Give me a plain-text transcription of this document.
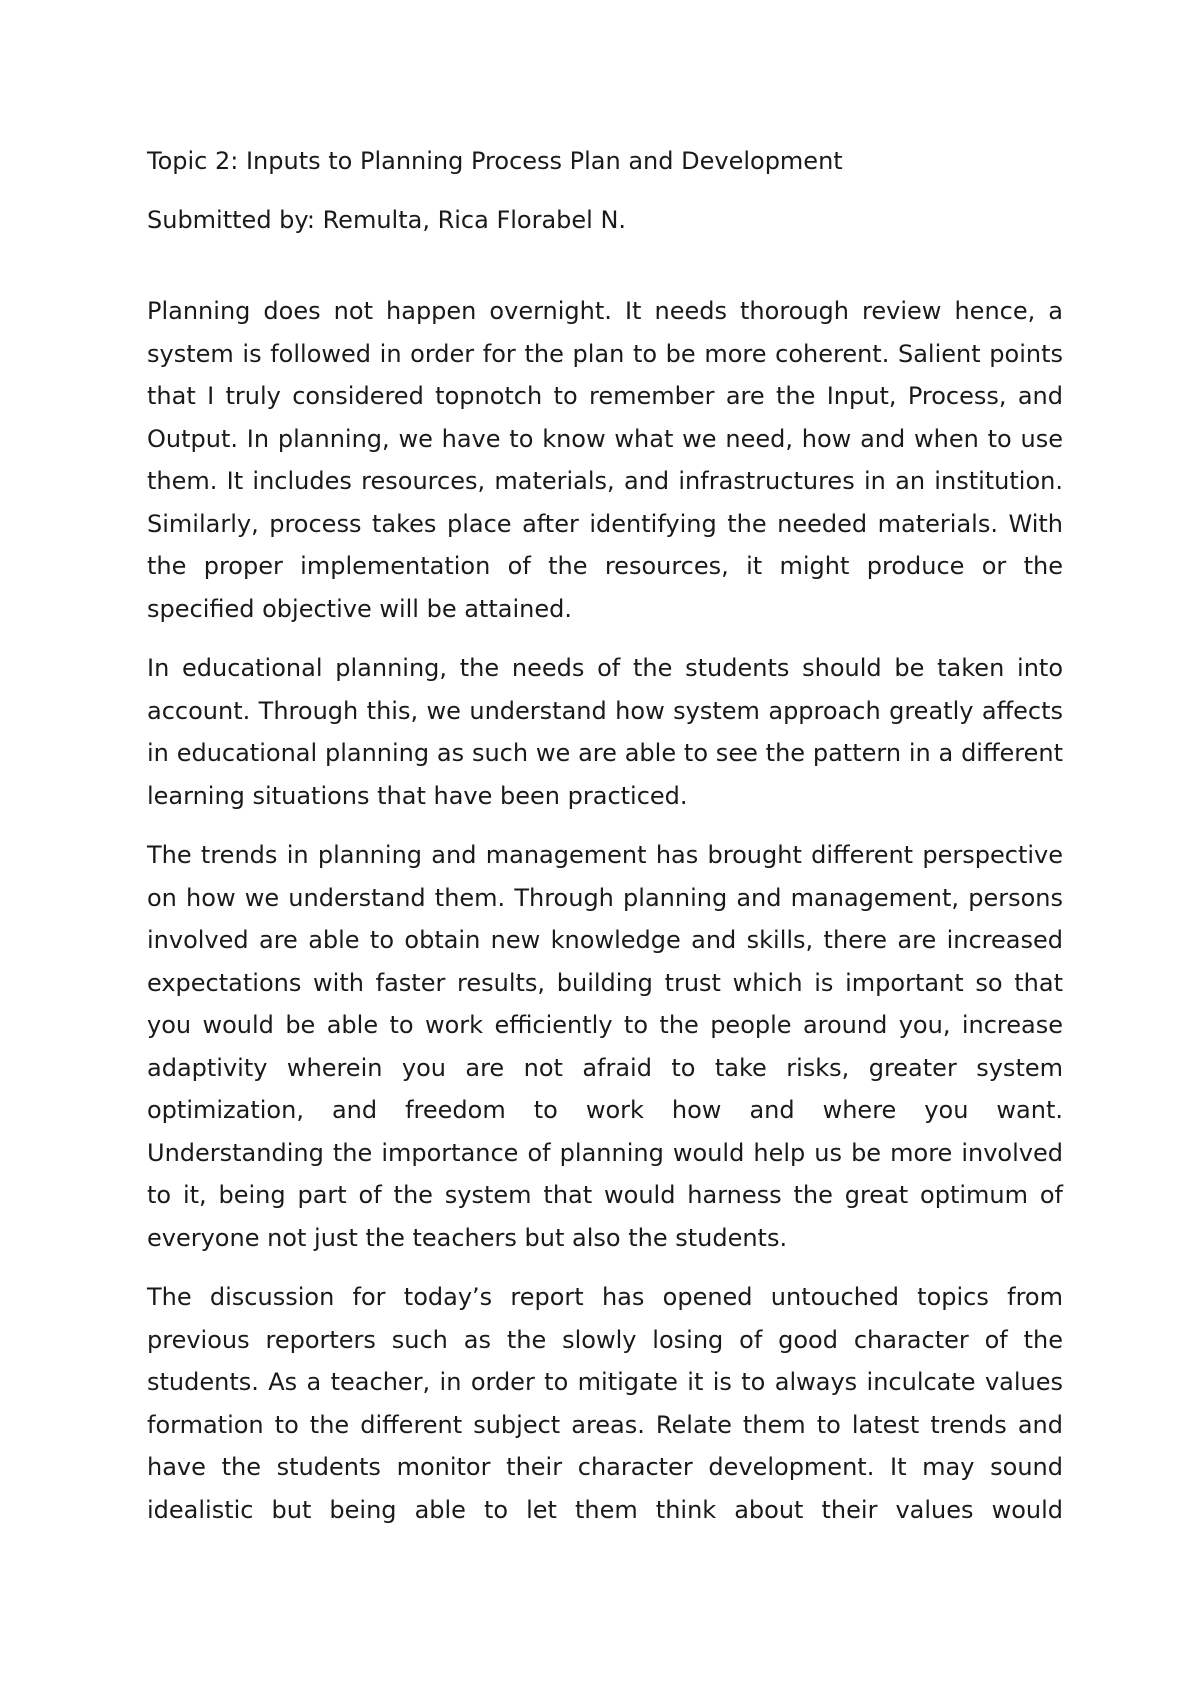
Topic 2: Inputs to Planning Process Plan and Development

Submitted by: Remulta, Rica Florabel N.

Planning does not happen overnight. It needs thorough review hence, a system is followed in order for the plan to be more coherent. Salient points that I truly considered topnotch to remember are the Input, Process, and Output. In planning, we have to know what we need, how and when to use them. It includes resources, materials, and infrastructures in an institution. Similarly, process takes place after identifying the needed materials. With the proper implementation of the resources, it might produce or the specified objective will be attained.

In educational planning, the needs of the students should be taken into account. Through this, we understand how system approach greatly affects in educational planning as such we are able to see the pattern in a different learning situations that have been practiced.

The trends in planning and management has brought different perspective on how we understand them. Through planning and management, persons involved are able to obtain new knowledge and skills, there are increased expectations with faster results, building trust which is important so that you would be able to work efficiently to the people around you, increase adaptivity wherein you are not afraid to take risks, greater system optimization, and freedom to work how and where you want. Understanding the importance of planning would help us be more involved to it, being part of the system that would harness the great optimum of everyone not just the teachers but also the students.

The discussion for today’s report has opened untouched topics from previous reporters such as the slowly losing of good character of the students. As a teacher, in order to mitigate it is to always inculcate values formation to the different subject areas. Relate them to latest trends and have the students monitor their character development. It may sound idealistic but being able to let them think about their values would
